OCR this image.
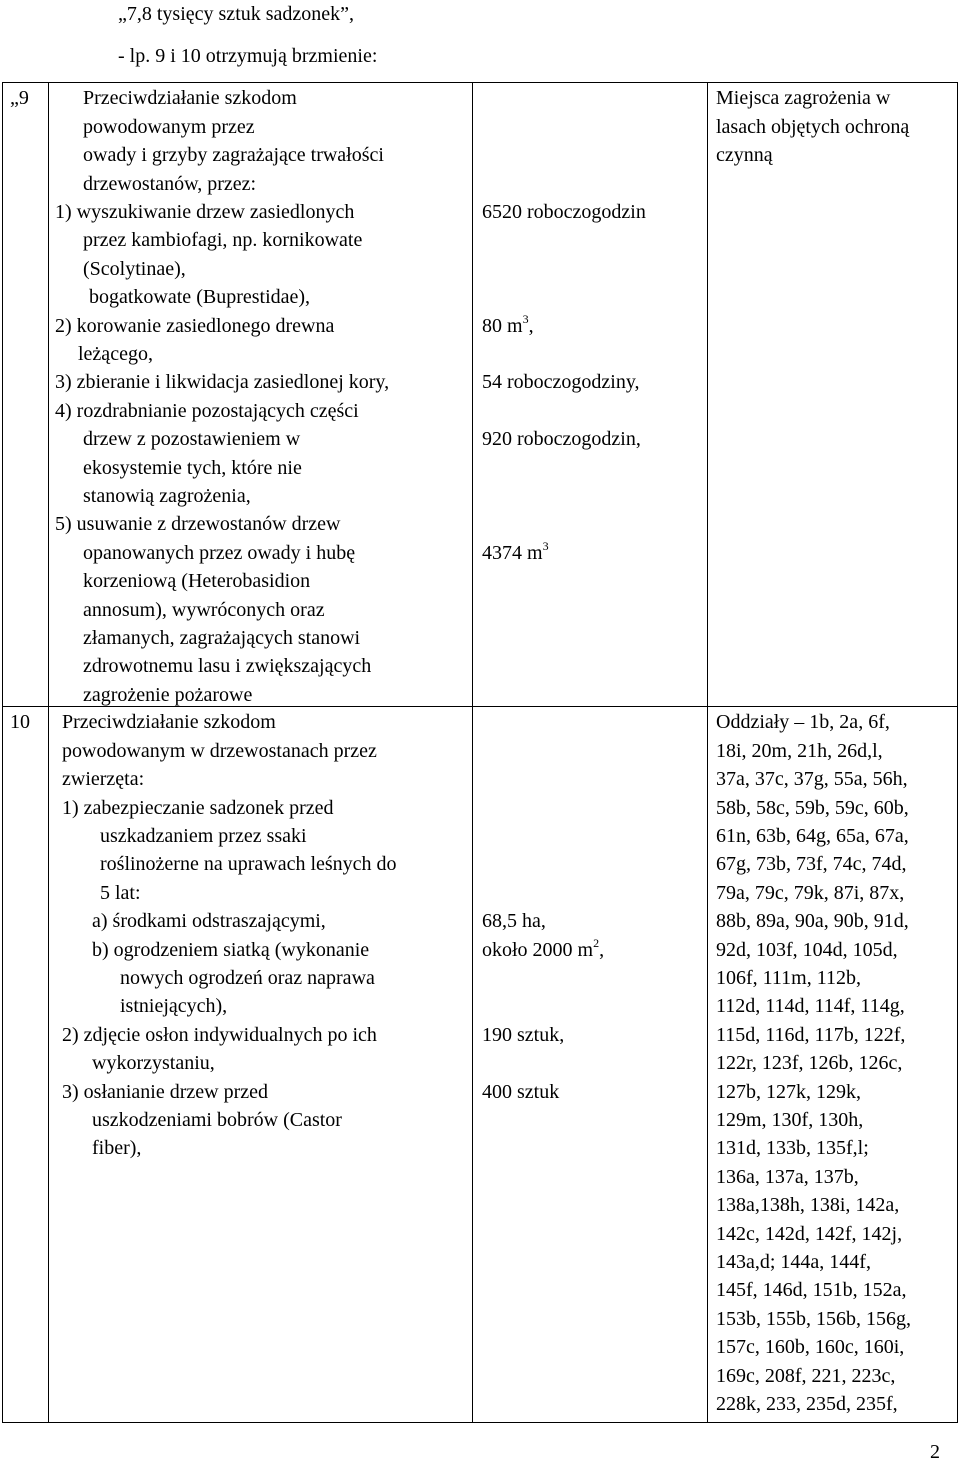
„7,8 tysięcy sztuk sadzonek”,

- lp. 9 i 10 otrzymują brzmienie:

„9	Przeciwdziałanie szkodom

powodowanym przez

owady i grzyby zagrażające trwałości

drzewostanów, przez:

1) wyszukiwanie drzew zasiedlonych

przez kambiofagi, np. kornikowate

(Scolytinae),

bogatkowate (Buprestidae),

2) korowanie zasiedlonego drewna

leżącego,

3) zbieranie i likwidacja zasiedlonej kory,

4) rozdrabnianie pozostających części

drzew z pozostawieniem w

ekosystemie tych, które nie

stanowią zagrożenia,

5) usuwanie z drzewostanów drzew

opanowanych przez owady i hubę

korzeniową (Heterobasidion

annosum), wywróconych oraz

złamanych, zagrażających stanowi

zdrowotnemu lasu i zwiększających

zagrożenie pożarowe

6520 roboczogodzin

80 $m^3$,

54 roboczogodziny,

920 roboczogodzin,

4374 $m^3$

Miejsca zagrożenia w

lasach objętych ochroną

czynną

10 Przeciwdziałanie szkodom

powodowanym w drzewostanach przez

zwierzęta:

1) zabezpieczanie sadzonek przed

uszkadzaniem przez ssaki

roślinożerne na uprawach leśnych do

5 lat:

a) środkami odstraszającymi,

b) ogrodzeniem siatką (wykonanie

nowych ogrodzeń oraz naprawa

istniejących),

2) zdjęcie osłon indywidualnych po ich

wykorzystaniu,

3) osłanianie drzew przed

uszkodzeniami bobrów (Castor

fiber),

68,5 ha,

około 2000 $m^2$,

190 sztuk,

400 sztuk

Oddziały – 1b, 2a, 6f,

18i, 20m, 21h, 26d,l,

37a, 37c, 37g, 55a, 56h,

58b, 58c, 59b, 59c, 60b,

61n, 63b, 64g, 65a, 67a,

67g, 73b, 73f, 74c, 74d,

79a, 79c, 79k, 87i, 87x,

88b, 89a, 90a, 90b, 91d,

92d, 103f, 104d, 105d,

106f, 111m, 112b,

112d, 114d, 114f, 114g,

115d, 116d, 117b, 122f,

122r, 123f, 126b, 126c,

127b, 127k, 129k,

129m, 130f, 130h,

131d, 133b, 135f,l;

136a, 137a, 137b,

138a,138h, 138i, 142a,

142c, 142d, 142f, 142j,

143a,d; 144a, 144f,

145f, 146d, 151b, 152a,

153b, 155b, 156b, 156g,

157c, 160b, 160c, 160i,

169c, 208f, 221, 223c,

228k, 233, 235d, 235f,

2
